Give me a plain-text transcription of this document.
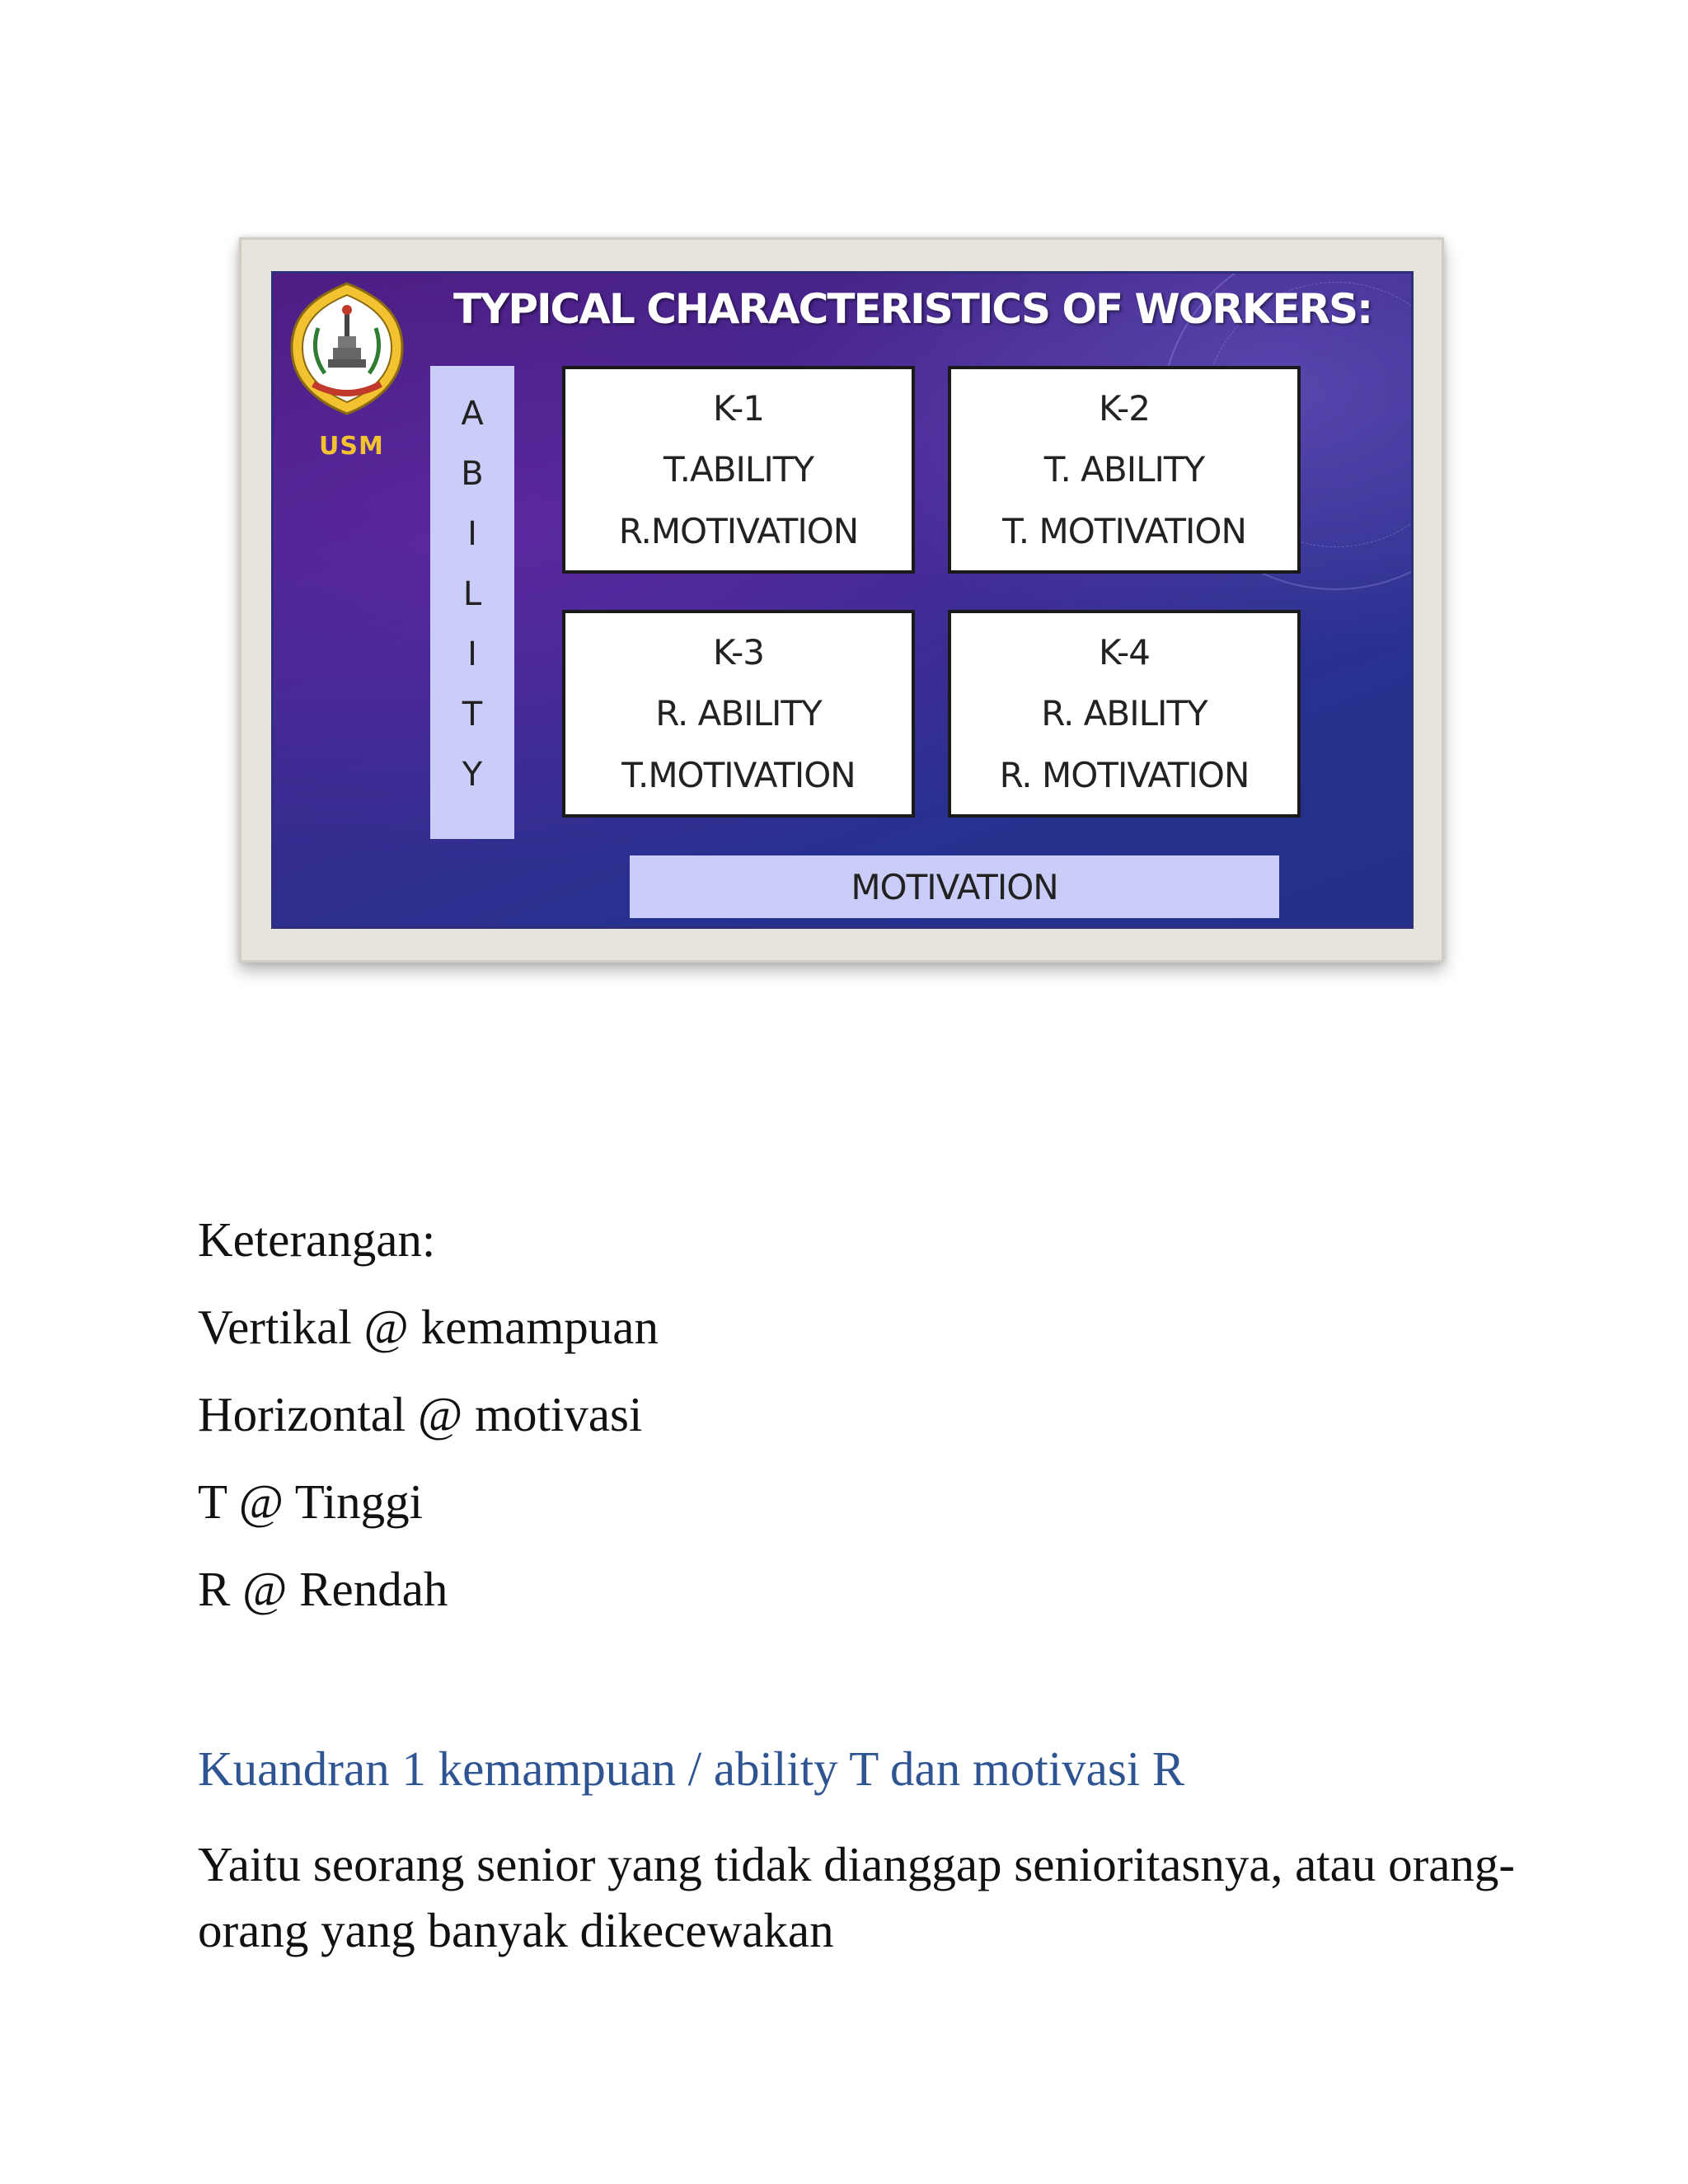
USM
TYPICAL CHARACTERISTICS OF WORKERS:
A
B
I
L
I
T
Y
K-1
T.ABILITY
R.MOTIVATION
K-2
T. ABILITY
T. MOTIVATION
K-3
R. ABILITY
T.MOTIVATION
K-4
R. ABILITY
R. MOTIVATION
MOTIVATION

Keterangan:

Vertikal @ kemampuan

Horizontal @ motivasi

T @ Tinggi

R @ Rendah

Kuandran 1 kemampuan / ability T dan motivasi R

Yaitu seorang senior yang tidak dianggap senioritasnya, atau orang-orang yang banyak dikecewakan
